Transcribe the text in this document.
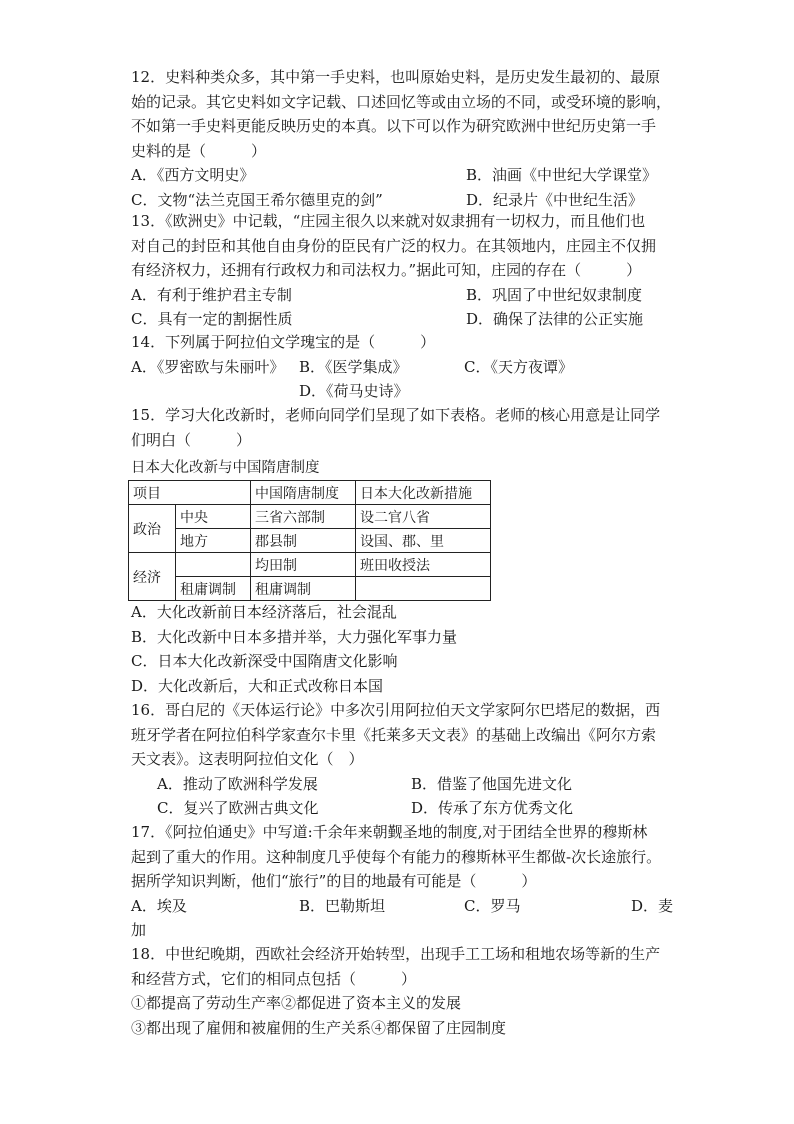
12．史料种类众多，其中第一手史料，也叫原始史料，是历史发生最初的、最原
始的记录。其它史料如文字记载、口述回忆等或由立场的不同，或受环境的影响，
不如第一手史料更能反映历史的本真。以下可以作为研究欧洲中世纪历史第一手
史料的是（　　　）
A．《西方文明史》	B．油画《中世纪大学课堂》
C．文物“法兰克国王希尔德里克的剑”	D．纪录片《中世纪生活》
13．《欧洲史》中记载，“庄园主很久以来就对奴隶拥有一切权力，而且他们也
对自己的封臣和其他自由身份的臣民有广泛的权力。在其领地内，庄园主不仅拥
有经济权力，还拥有行政权力和司法权力。”据此可知，庄园的存在（　　　）
A．有利于维护君主专制	B．巩固了中世纪奴隶制度
C．具有一定的割据性质	D．确保了法律的公正实施
14．下列属于阿拉伯文学瑰宝的是（　　　）
A．《罗密欧与朱丽叶》 B．《医学集成》	C．《天方夜谭》
D．《荷马史诗》
15．学习大化改新时，老师向同学们呈现了如下表格。老师的核心用意是让同学
们明白（　　　）
日本大化改新与中国隋唐制度
项目		中国隋唐制度	日本大化改新措施
政治	中央	三省六部制	设二官八省
	地方	郡县制	设国、郡、里
经济		均田制	班田收授法
	租庸调制	租庸调制	
A．大化改新前日本经济落后，社会混乱
B．大化改新中日本多措并举，大力强化军事力量
C．日本大化改新深受中国隋唐文化影响
D．大化改新后，大和正式改称日本国
16．哥白尼的《天体运行论》中多次引用阿拉伯天文学家阿尔巴塔尼的数据，西
班牙学者在阿拉伯科学家查尔卡里《托莱多天文表》的基础上改编出《阿尔方索
天文表》。这表明阿拉伯文化（　）
A．推动了欧洲科学发展	B．借鉴了他国先进文化
C．复兴了欧洲古典文化	D．传承了东方优秀文化
17．《阿拉伯通史》中写道:千余年来朝觐圣地的制度,对于团结全世界的穆斯林
起到了重大的作用。这种制度几乎使每个有能力的穆斯林平生都做-次长途旅行。
据所学知识判断，他们“旅行”的目的地最有可能是（　　　）
A．埃及	B．巴勒斯坦	C．罗马	D．麦
加
18．中世纪晚期，西欧社会经济开始转型，出现手工工场和租地农场等新的生产
和经营方式，它们的相同点包括（　　　）
①都提高了劳动生产率②都促进了资本主义的发展
③都出现了雇佣和被雇佣的生产关系④都保留了庄园制度
